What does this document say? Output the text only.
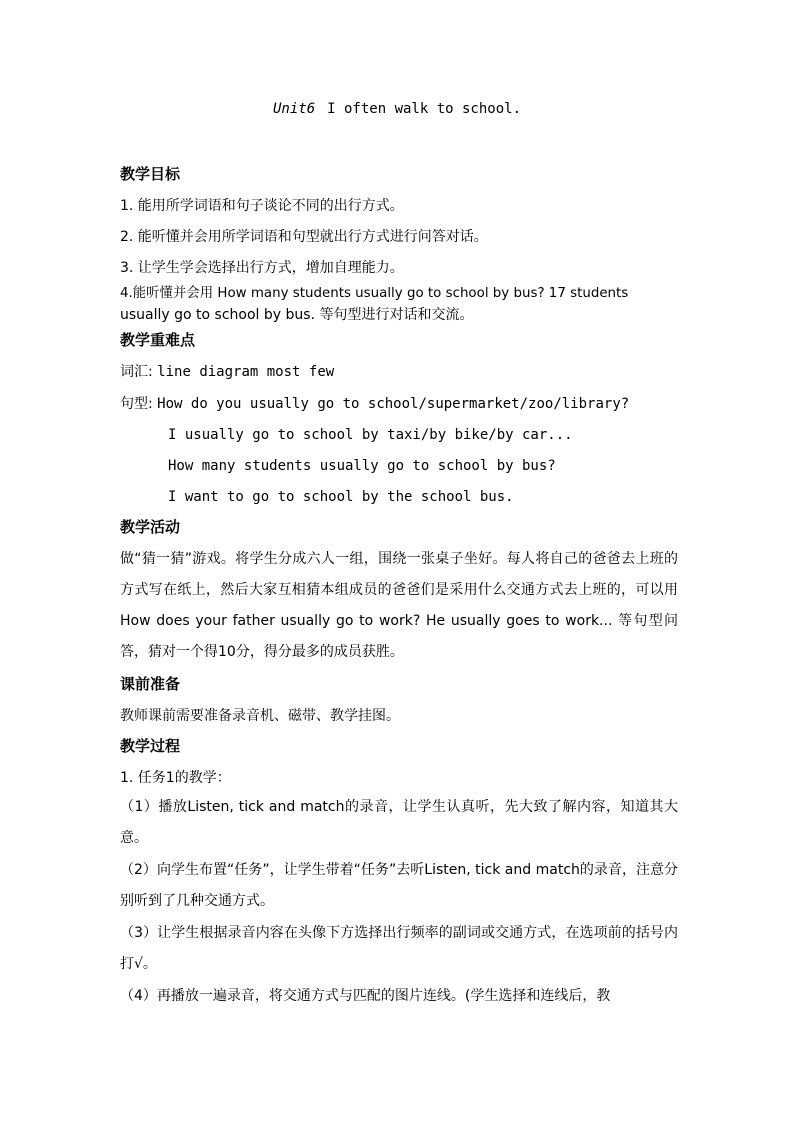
Unit6 I often walk to school.
教学目标
1. 能用所学词语和句子谈论不同的出行方式。
2. 能听懂并会用所学词语和句型就出行方式进行问答对话。
3. 让学生学会选择出行方式，增加自理能力。
4.能听懂并会用 How many students usually go to school by bus? 17 students
usually go to school by bus. 等句型进行对话和交流。
教学重难点
词汇: line diagram most few
句型: How do you usually go to school/supermarket/zoo/library?
I usually go to school by taxi/by bike/by car...
How many students usually go to school by bus?
I want to go to school by the school bus.
教学活动
做“猜一猜”游戏。将学生分成六人一组，围绕一张桌子坐好。每人将自己的爸爸去上班的方式写在纸上，然后大家互相猜本组成员的爸爸们是采用什么交通方式去上班的，可以用How does your father usually go to work? He usually goes to work... 等句型问答，猜对一个得10分，得分最多的成员获胜。
课前准备
教师课前需要准备录音机、磁带、教学挂图。
教学过程
1. 任务1的教学：
（1）播放Listen, tick and match的录音，让学生认真听，先大致了解内容，知道其大意。
（2）向学生布置“任务”，让学生带着“任务”去听Listen, tick and match的录音，注意分别听到了几种交通方式。
（3）让学生根据录音内容在头像下方选择出行频率的副词或交通方式，在选项前的括号内打√。
（4）再播放一遍录音，将交通方式与匹配的图片连线。(学生选择和连线后，教
